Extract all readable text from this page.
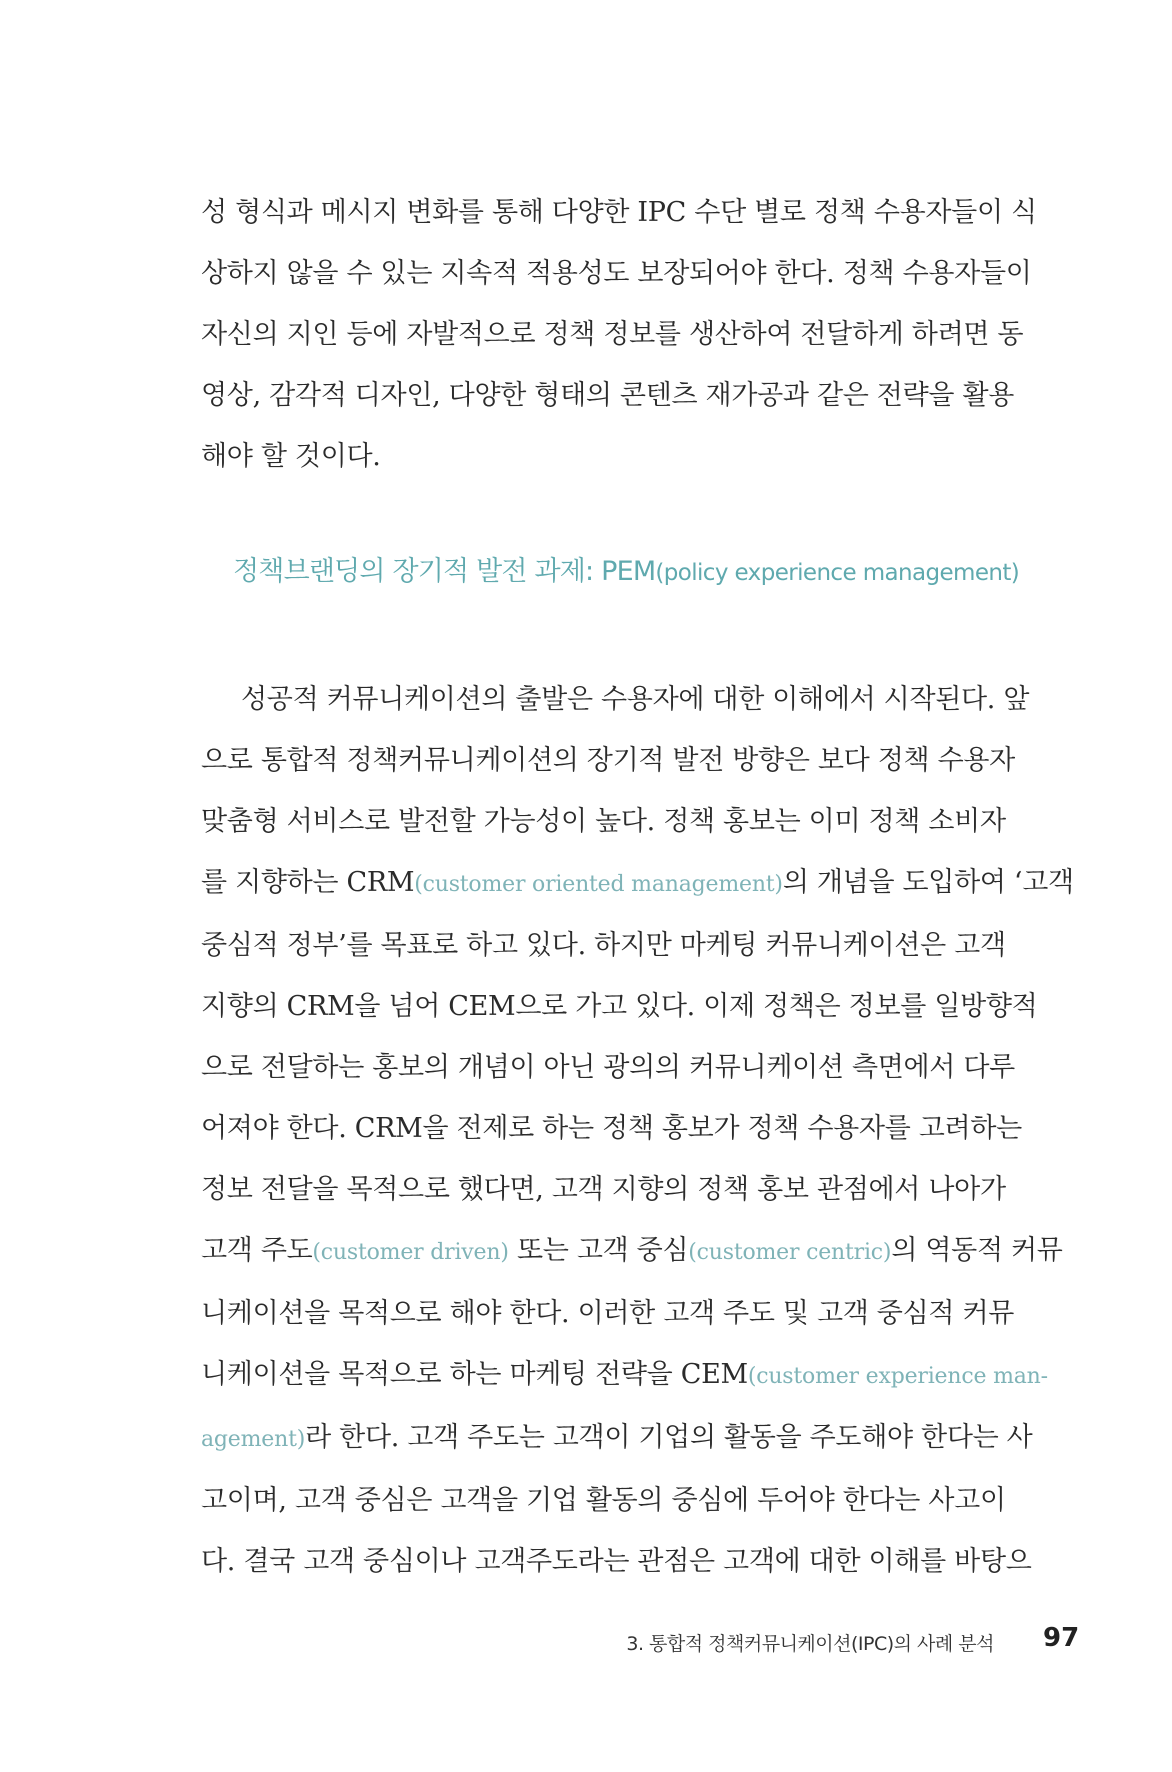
성 형식과 메시지 변화를 통해 다양한 IPC 수단 별로 정책 수용자들이 식
상하지 않을 수 있는 지속적 적용성도 보장되어야 한다. 정책 수용자들이
자신의 지인 등에 자발적으로 정책 정보를 생산하여 전달하게 하려면 동
영상, 감각적 디자인, 다양한 형태의 콘텐츠 재가공과 같은 전략을 활용
해야 할 것이다.
정책브랜딩의 장기적 발전 과제: PEM(policy experience management)
성공적 커뮤니케이션의 출발은 수용자에 대한 이해에서 시작된다. 앞
으로 통합적 정책커뮤니케이션의 장기적 발전 방향은 보다 정책 수용자
맞춤형 서비스로 발전할 가능성이 높다. 정책 홍보는 이미 정책 소비자
를 지향하는 CRM(customer oriented management)의 개념을 도입하여 ‘고객
중심적 정부’를 목표로 하고 있다. 하지만 마케팅 커뮤니케이션은 고객
지향의 CRM을 넘어 CEM으로 가고 있다. 이제 정책은 정보를 일방향적
으로 전달하는 홍보의 개념이 아닌 광의의 커뮤니케이션 측면에서 다루
어져야 한다. CRM을 전제로 하는 정책 홍보가 정책 수용자를 고려하는
정보 전달을 목적으로 했다면, 고객 지향의 정책 홍보 관점에서 나아가
고객 주도(customer driven) 또는 고객 중심(customer centric)의 역동적 커뮤
니케이션을 목적으로 해야 한다. 이러한 고객 주도 및 고객 중심적 커뮤
니케이션을 목적으로 하는 마케팅 전략을 CEM(customer experience man-
agement)라 한다. 고객 주도는 고객이 기업의 활동을 주도해야 한다는 사
고이며, 고객 중심은 고객을 기업 활동의 중심에 두어야 한다는 사고이
다. 결국 고객 중심이나 고객주도라는 관점은 고객에 대한 이해를 바탕으
3. 통합적 정책커뮤니케이션(IPC)의 사례 분석 97
